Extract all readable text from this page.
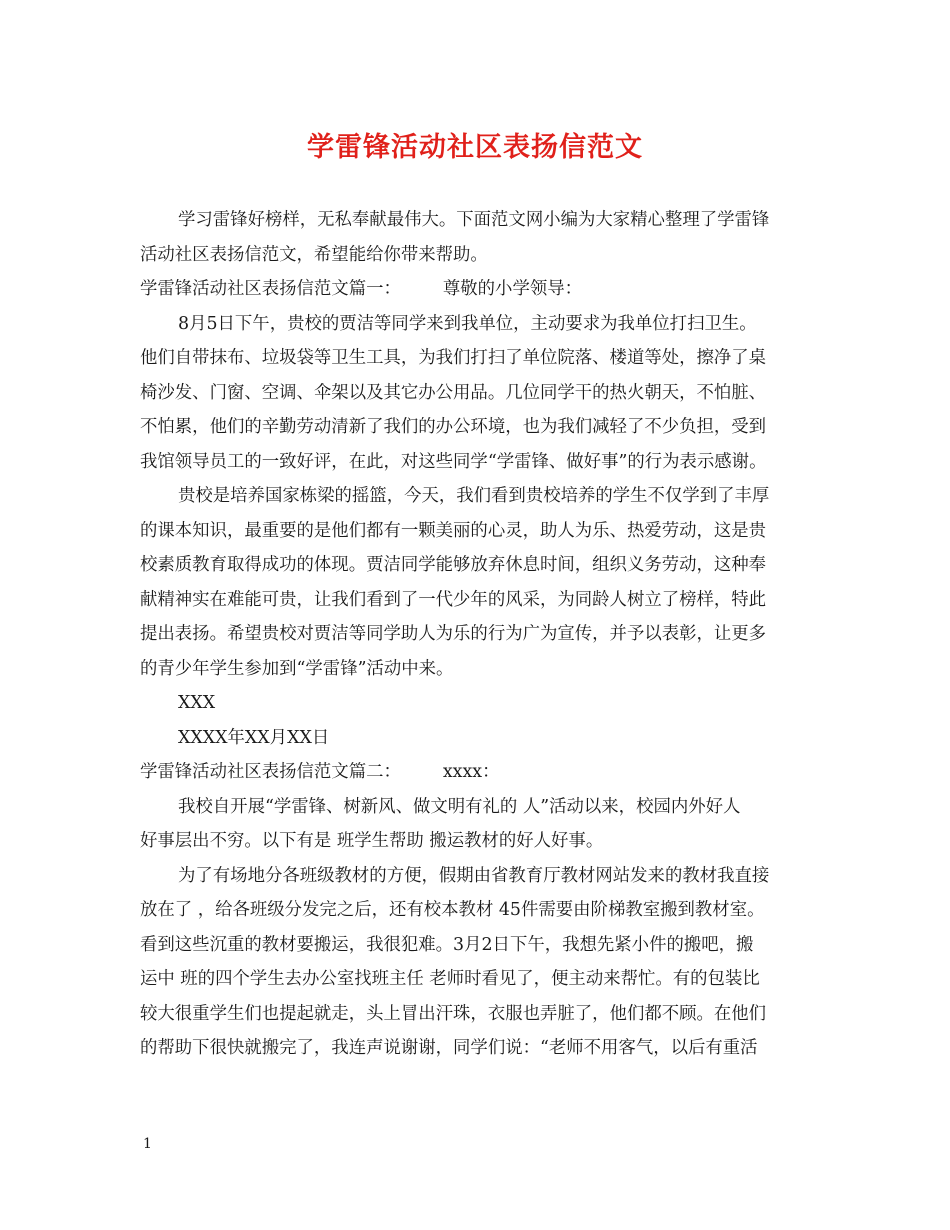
学雷锋活动社区表扬信范文
学习雷锋好榜样，无私奉献最伟大。下面范文网小编为大家精心整理了学雷锋
活动社区表扬信范文，希望能给你带来帮助。
学雷锋活动社区表扬信范文篇一： 尊敬的小学领导：
8月5日下午，贵校的贾洁等同学来到我单位，主动要求为我单位打扫卫生。
他们自带抹布、垃圾袋等卫生工具，为我们打扫了单位院落、楼道等处，擦净了桌
椅沙发、门窗、空调、伞架以及其它办公用品。几位同学干的热火朝天，不怕脏、
不怕累，他们的辛勤劳动清新了我们的办公环境，也为我们减轻了不少负担，受到
我馆领导员工的一致好评，在此，对这些同学“学雷锋、做好事”的行为表示感谢。
贵校是培养国家栋梁的摇篮，今天，我们看到贵校培养的学生不仅学到了丰厚
的课本知识，最重要的是他们都有一颗美丽的心灵，助人为乐、热爱劳动，这是贵
校素质教育取得成功的体现。贾洁同学能够放弃休息时间，组织义务劳动，这种奉
献精神实在难能可贵，让我们看到了一代少年的风采，为同龄人树立了榜样，特此
提出表扬。希望贵校对贾洁等同学助人为乐的行为广为宣传，并予以表彰，让更多
的青少年学生参加到“学雷锋”活动中来。
XXX
XXXX年XX月XX日
学雷锋活动社区表扬信范文篇二： xxxx：
我校自开展“学雷锋、树新风、做文明有礼的 人”活动以来，校园内外好人
好事层出不穷。以下有是 班学生帮助 搬运教材的好人好事。
为了有场地分各班级教材的方便，假期由省教育厅教材网站发来的教材我直接
放在了 ，给各班级分发完之后，还有校本教材 45件需要由阶梯教室搬到教材室。
看到这些沉重的教材要搬运，我很犯难。3月2日下午，我想先紧小件的搬吧，搬
运中 班的四个学生去办公室找班主任 老师时看见了，便主动来帮忙。有的包装比
较大很重学生们也提起就走，头上冒出汗珠，衣服也弄脏了，他们都不顾。在他们
的帮助下很快就搬完了，我连声说谢谢，同学们说：“老师不用客气，以后有重活
1
